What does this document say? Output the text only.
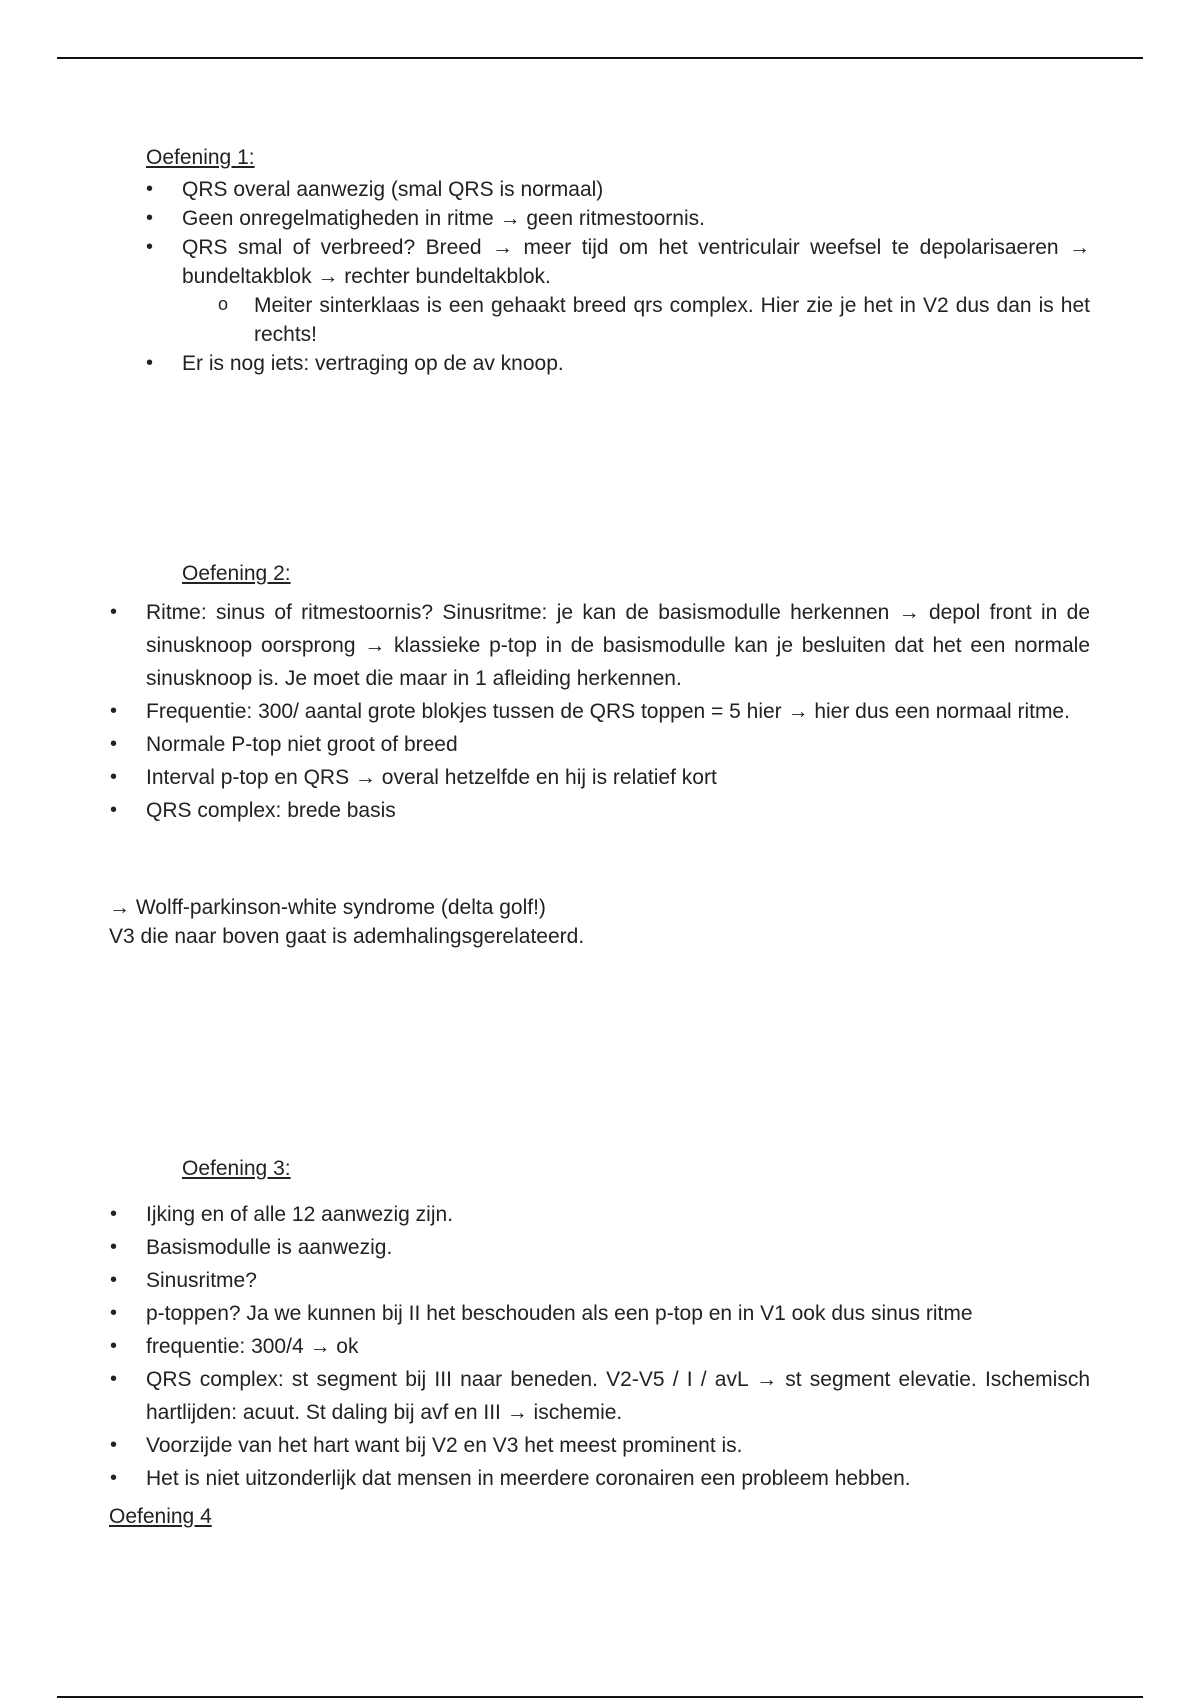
Oefening 1:
• QRS overal aanwezig (smal QRS is normaal)
• Geen onregelmatigheden in ritme → geen ritmestoornis.
• QRS smal of verbreed? Breed → meer tijd om het ventriculair weefsel te depolarisaeren → bundeltakblok → rechter bundeltakblok.
o Meiter sinterklaas is een gehaakt breed qrs complex. Hier zie je het in V2 dus dan is het rechts!
• Er is nog iets: vertraging op de av knoop.
Oefening 2:
• Ritme: sinus of ritmestoornis? Sinusritme: je kan de basismodulle herkennen → depol front in de sinusknoop oorsprong → klassieke p-top in de basismodulle kan je besluiten dat het een normale sinusknoop is. Je moet die maar in 1 afleiding herkennen.
• Frequentie: 300/ aantal grote blokjes tussen de QRS toppen = 5 hier → hier dus een normaal ritme.
• Normale P-top niet groot of breed
• Interval p-top en QRS → overal hetzelfde en hij is relatief kort
• QRS complex: brede basis
→ Wolff-parkinson-white syndrome (delta golf!)
V3 die naar boven gaat is ademhalingsgerelateerd.
Oefening 3:
• Ijking en of alle 12 aanwezig zijn.
• Basismodulle is aanwezig.
• Sinusritme?
• p-toppen? Ja we kunnen bij II het beschouden als een p-top en in V1 ook dus sinus ritme
• frequentie: 300/4 → ok
• QRS complex: st segment bij III naar beneden. V2-V5 / I / avL → st segment elevatie. Ischemisch hartlijden: acuut. St daling bij avf en III → ischemie.
• Voorzijde van het hart want bij V2 en V3 het meest prominent is.
• Het is niet uitzonderlijk dat mensen in meerdere coronairen een probleem hebben.
Oefening 4
